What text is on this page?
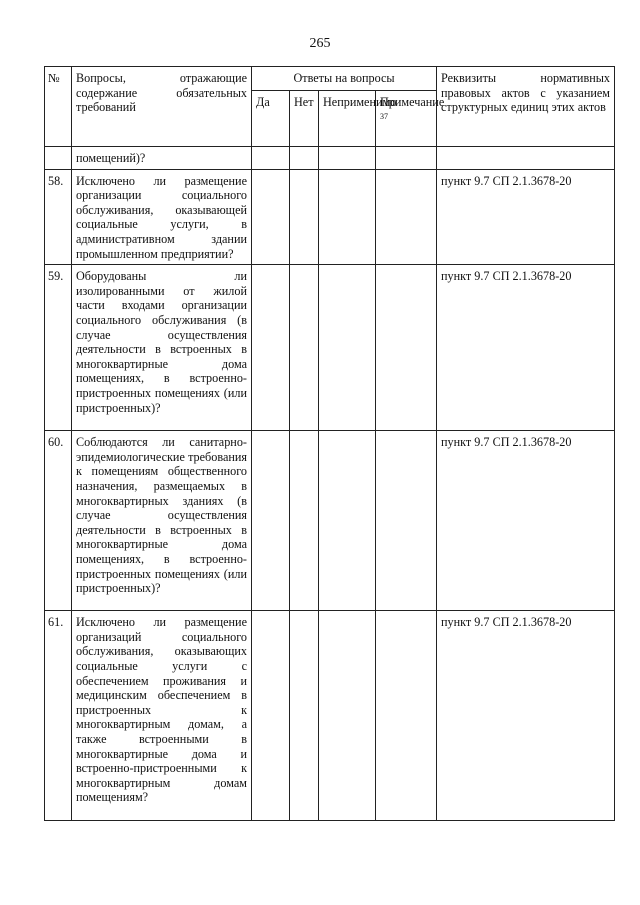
265
№	Вопросы, отражающие содержание обязательных требований	Ответы на вопросы				Реквизиты нормативных правовых актов с указанием структурных единиц этих актов
		Да	Нет	Неприменимо	Примечание $^{37}$
	помещений)?					
58.	Исключено ли размещение организации социального обслуживания, оказывающей социальные услуги, в административном здании промышленном предприятии?					пункт 9.7 СП 2.1.3678-20
59.	Оборудованы ли изолированными от жилой части входами организации социального обслуживания (в случае осуществления деятельности в встроенных в многоквартирные дома помещениях, в встроенно-пристроенных помещениях (или пристроенных)?					пункт 9.7 СП 2.1.3678-20
60.	Соблюдаются ли санитарно-эпидемиологические требования к помещениям общественного назначения, размещаемых в многоквартирных зданиях (в случае осуществления деятельности в встроенных в многоквартирные дома помещениях, в встроенно-пристроенных помещениях (или пристроенных)?					пункт 9.7 СП 2.1.3678-20
61.	Исключено ли размещение организаций социального обслуживания, оказывающих социальные услуги с обеспечением проживания и медицинским обеспечением в пристроенных к многоквартирным домам, а также встроенными в многоквартирные дома и встроенно-пристроенными к многоквартирным домам помещениям?					пункт 9.7 СП 2.1.3678-20
